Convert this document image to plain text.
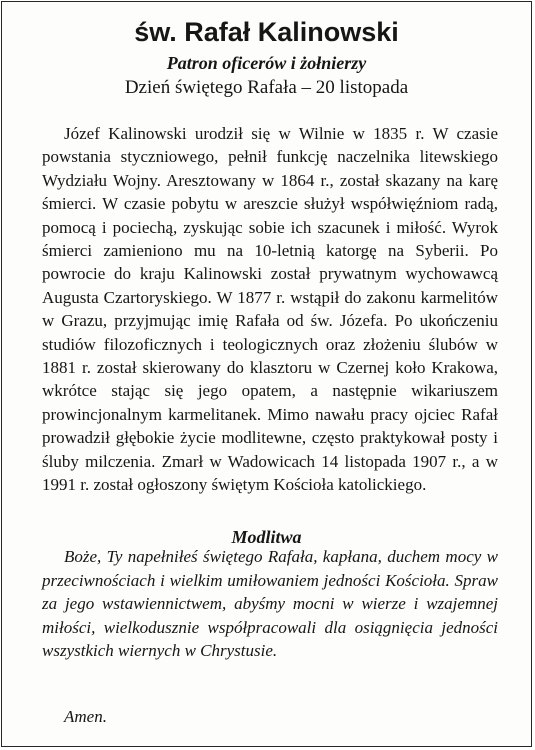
św. Rafał Kalinowski

Patron oficerów i żołnierzy

Dzień świętego Rafała – 20 listopada

Józef Kalinowski urodził się w Wilnie w 1835 r. W czasie powstania styczniowego, pełnił funkcję naczelnika litewskiego Wydziału Wojny. Aresztowany w 1864 r., został skazany na karę śmierci. W czasie pobytu w areszcie służył współwięźniom radą, pomocą i pociechą, zyskując sobie ich szacunek i miłość. Wyrok śmierci zamieniono mu na 10-letnią katorgę na Syberii. Po powrocie do kraju Kalinowski został prywatnym wychowawcą Augusta Czartoryskiego. W 1877 r. wstąpił do zakonu karmelitów w Grazu, przyjmując imię Rafała od św. Józefa. Po ukończeniu studiów filozoficznych i teologicznych oraz złożeniu ślubów w 1881 r. został skierowany do klasztoru w Czernej koło Krakowa, wkrótce stając się jego opatem, a następnie wikariuszem prowincjonalnym karmelitanek. Mimo nawału pracy ojciec Rafał prowadził głębokie życie modlitewne, często praktykował posty i śluby milczenia. Zmarł w Wadowicach 14 listopada 1907 r., a w 1991 r. został ogłoszony świętym Kościoła katolickiego.

Modlitwa

Boże, Ty napełniłeś świętego Rafała, kapłana, duchem mocy w przeciwnościach i wielkim umiłowaniem jedności Kościoła. Spraw za jego wstawiennictwem, abyśmy mocni w wierze i wzajemnej miłości, wielkodusznie współpracowali dla osiągnięcia jedności wszystkich wiernych w Chrystusie.

Amen.
